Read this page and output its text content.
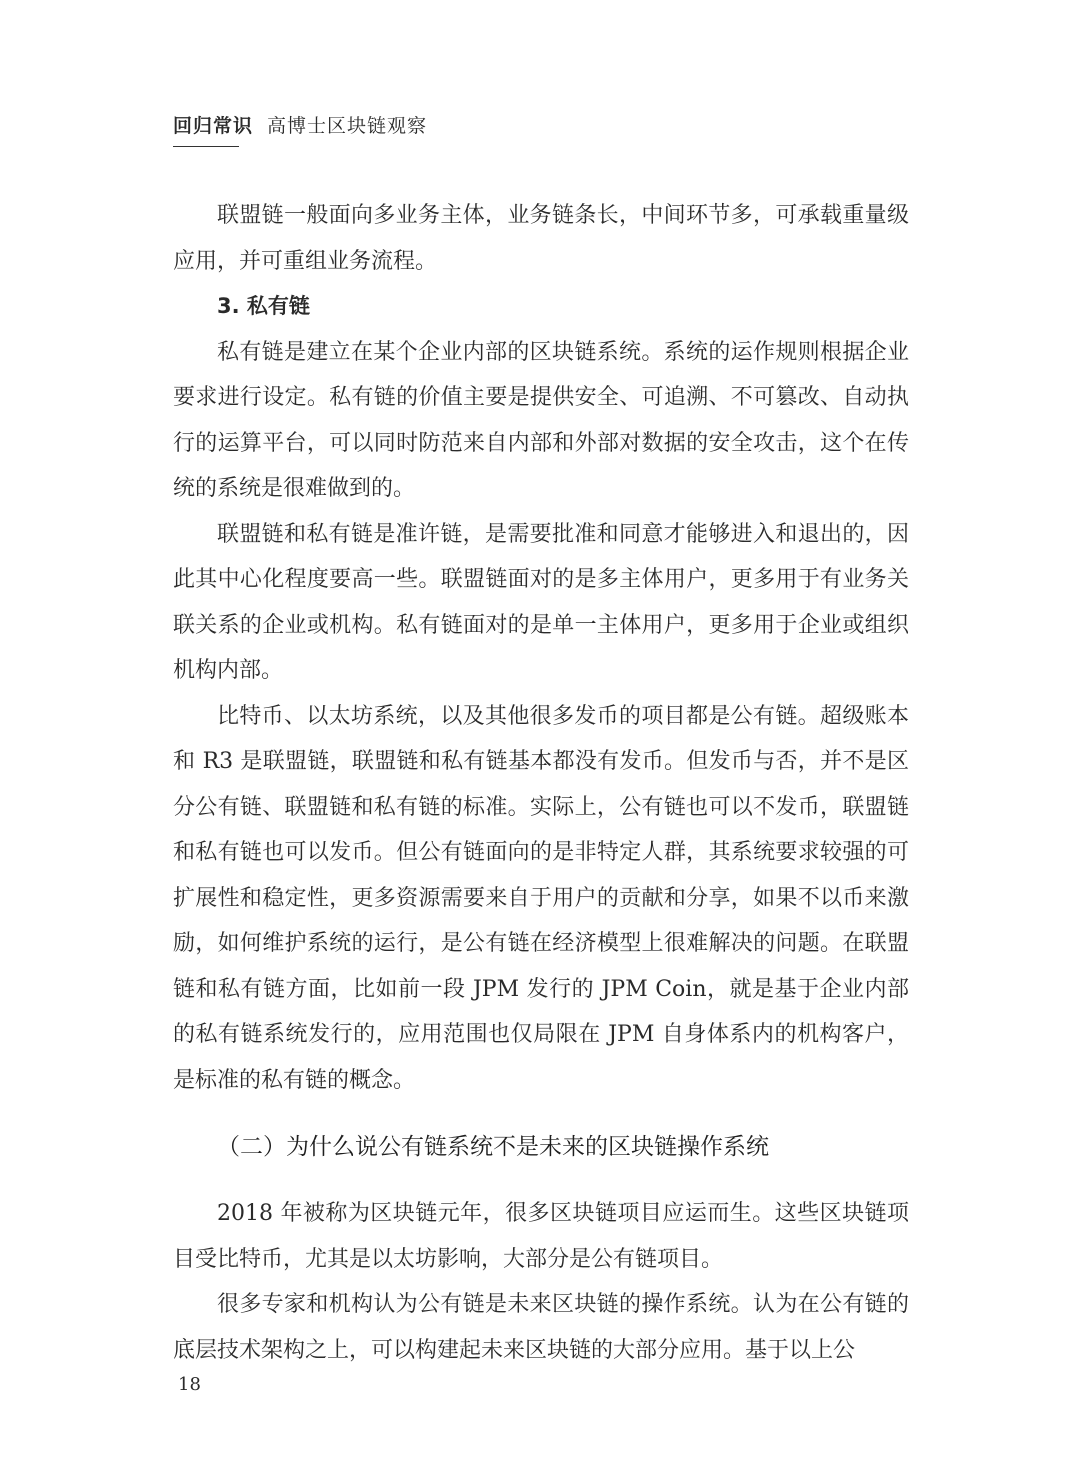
回归常识 高博士区块链观察

联盟链一般面向多业务主体，业务链条长，中间环节多，可承载重量级应用，并可重组业务流程。

3. 私有链

私有链是建立在某个企业内部的区块链系统。系统的运作规则根据企业要求进行设定。私有链的价值主要是提供安全、可追溯、不可篡改、自动执行的运算平台，可以同时防范来自内部和外部对数据的安全攻击，这个在传统的系统是很难做到的。

联盟链和私有链是准许链，是需要批准和同意才能够进入和退出的，因此其中心化程度要高一些。联盟链面对的是多主体用户，更多用于有业务关联关系的企业或机构。私有链面对的是单一主体用户，更多用于企业或组织机构内部。

比特币、以太坊系统，以及其他很多发币的项目都是公有链。超级账本和 R3 是联盟链，联盟链和私有链基本都没有发币。但发币与否，并不是区分公有链、联盟链和私有链的标准。实际上，公有链也可以不发币，联盟链和私有链也可以发币。但公有链面向的是非特定人群，其系统要求较强的可扩展性和稳定性，更多资源需要来自于用户的贡献和分享，如果不以币来激励，如何维护系统的运行，是公有链在经济模型上很难解决的问题。在联盟链和私有链方面，比如前一段 JPM 发行的 JPM Coin，就是基于企业内部的私有链系统发行的，应用范围也仅局限在 JPM 自身体系内的机构客户，是标准的私有链的概念。

（二）为什么说公有链系统不是未来的区块链操作系统

2018 年被称为区块链元年，很多区块链项目应运而生。这些区块链项目受比特币，尤其是以太坊影响，大部分是公有链项目。

很多专家和机构认为公有链是未来区块链的操作系统。认为在公有链的底层技术架构之上，可以构建起未来区块链的大部分应用。基于以上公

18
